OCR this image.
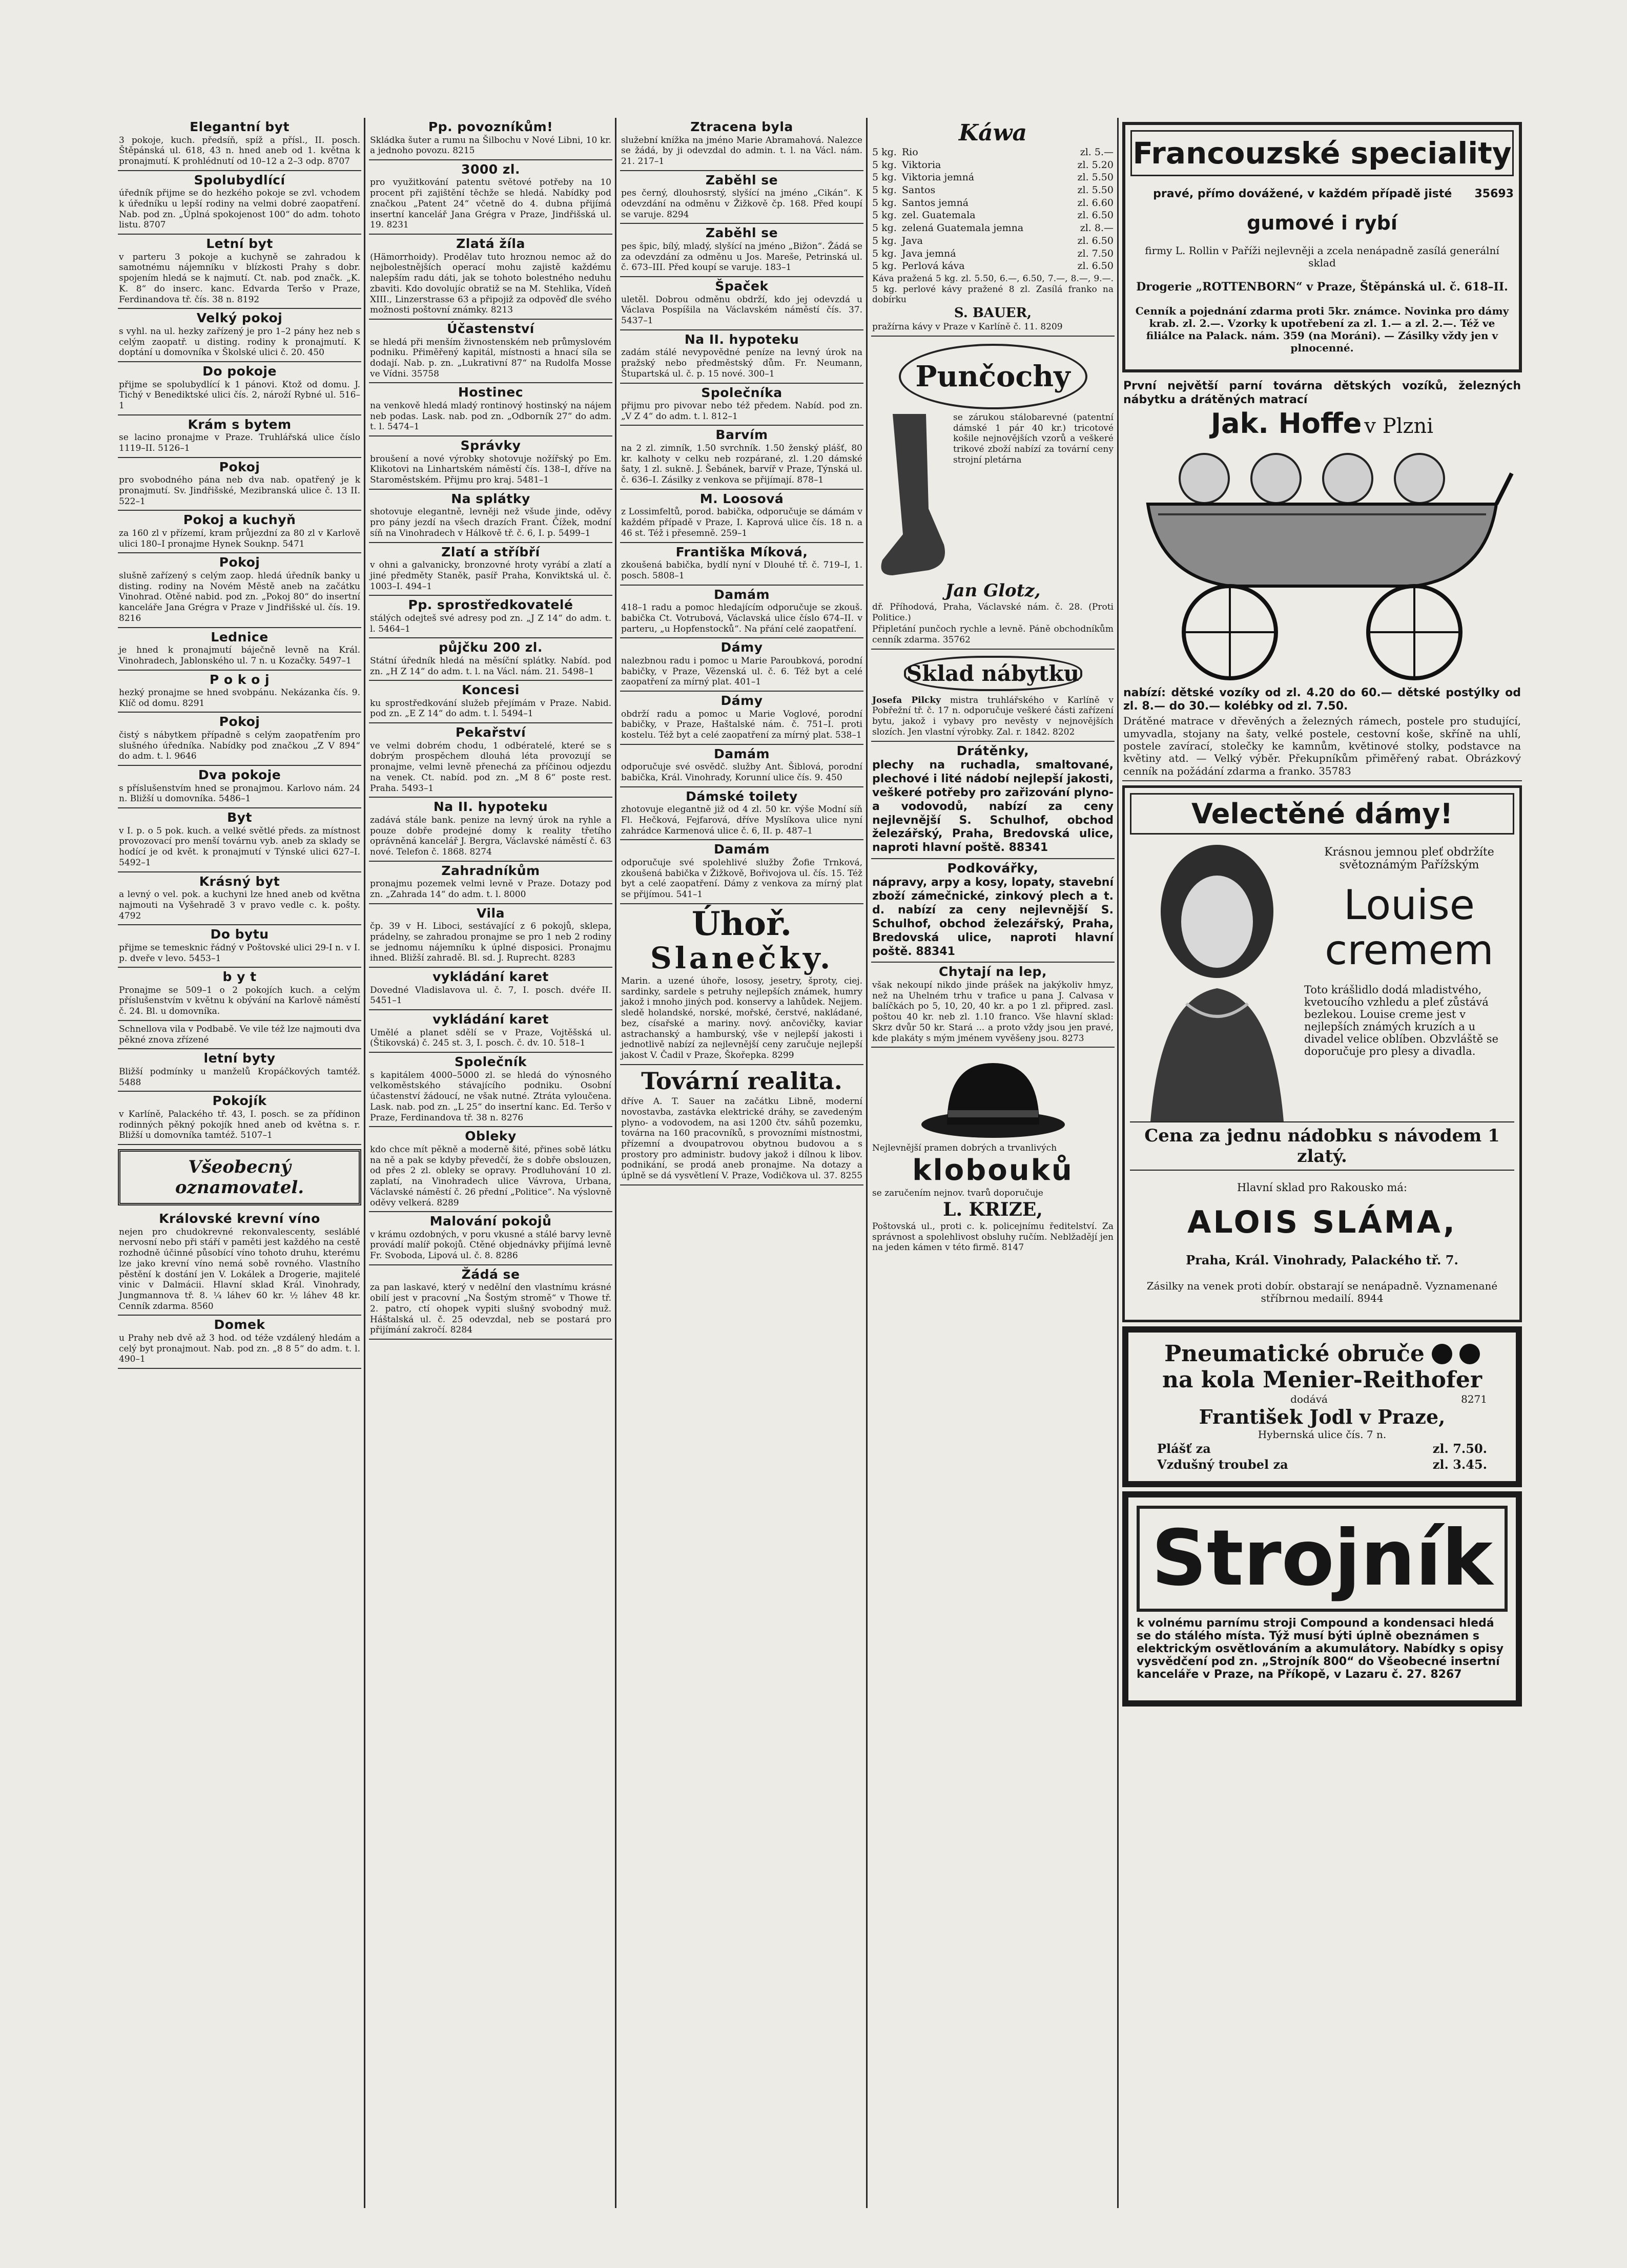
Elegantní byt

3 pokoje, kuch. předsíň, spíž a přísl., II. posch. Štěpánská ul. 618, 43 n. hned aneb od 1. května k pronajmutí. K prohlédnutí od 10–12 a 2–3 odp. 8707

Spolubydlící

úředník přijme se do hezkého pokoje se zvl. vchodem k úředníku u lepší rodiny na velmi dobré zaopatření. Nab. pod zn. „Úplná spokojenost 100“ do adm. tohoto listu. 8707

Letní byt

v parteru 3 pokoje a kuchyně se zahradou k samotnému nájemníku v blízkosti Prahy s dobr. spojením hledá se k najmutí. Ct. nab. pod značk. „K. K. 8“ do inserc. kanc. Edvarda Teršo v Praze, Ferdinandova tř. čís. 38 n. 8192

Velký pokoj

s vyhl. na ul. hezky zařízený je pro 1–2 pány hez neb s celým zaopatř. u disting. rodiny k pronajmutí. K doptání u domovníka v Školské ulici č. 20. 450

Do pokoje

přijme se spolubydlící k 1 pánovi. Ktož od domu. J. Tichý v Benediktské ulici čís. 2, nároží Rybné ul. 516–1

Krám s bytem

se lacino pronajme v Praze. Truhlářská ulice číslo 1119–II. 5126–1

Pokoj

pro svobodného pána neb dva nab. opatřený je k pronajmutí. Sv. Jindřišské, Mezibranská ulice č. 13 II. 522–1

Pokoj a kuchyň

za 160 zl v přízemí, kram průjezdní za 80 zl v Karlově ulici 180–I pronajme Hynek Souknp. 5471

Pokoj

slušně zařízený s celým zaop. hledá úředník banky u disting. rodiny na Novém Městě aneb na začátku Vinohrad. Otěné nabid. pod zn. „Pokoj 80“ do insertní kanceláře Jana Grégra v Praze v Jindřišské ul. čís. 19. 8216

Lednice

je hned k pronajmutí báječně levně na Král. Vinohradech, Jablonského ul. 7 n. u Kozačky. 5497–1

P o k o j

hezký pronajme se hned svobpánu. Nekázanka čís. 9. Klíč od domu. 8291

Pokoj

čistý s nábytkem případně s celým zaopatřením pro slušného úředníka. Nabídky pod značkou „Z V 894“ do adm. t. l. 9646

Dva pokoje

s příslušenstvím hned se pronajmou. Karlovo nám. 24 n. Bližší u domovníka. 5486–1

Byt

v I. p. o 5 pok. kuch. a velké světlé předs. za místnost provozovací pro menší továrnu vyb. aneb za sklady se hodící je od květ. k pronajmutí v Týnské ulici 627–I. 5492–1

Krásný byt

a levný o vel. pok. a kuchyni lze hned aneb od května najmouti na Vyšehradě 3 v pravo vedle c. k. pošty. 4792

Do bytu

přijme se temesknic řádný v Poštovské ulici 29-I n. v I. p. dveře v levo. 5453–1

b y t

Pronajme se 509–1 o 2 pokojích kuch. a celým příslušenstvím v květnu k obývání na Karlově náměstí č. 24. Bl. u domovníka.

Schnellova vila v Podbabě. Ve vile též lze najmouti dva pěkné znova zřízené

letní byty

Bližší podmínky u manželů Kropáčkových tamtéž. 5488

Pokojík

v Karlíně, Palackého tř. 43, I. posch. se za přídinon rodinných pěkný pokojík hned aneb od května s. r. Bližší u domovníka tamtéž. 5107–1

Všeobecný
oznamovatel.
Královské krevní víno

nejen pro chudokrevné rekonvalescenty, sesláblé nervosní nebo při stáří v paměti jest každého na cestě rozhodně účinné působící víno tohoto druhu, kterému lze jako krevní víno nemá sobě rovného. Vlastního pěstění k dostání jen V. Lokálek a Drogerie, majitelé vinic v Dalmácii. Hlavní sklad Král. Vinohrady, Jungmannova tř. 8. ¼ láhev 60 kr. ½ láhev 48 kr. Cenník zdarma. 8560

Domek

u Prahy neb dvě až 3 hod. od téže vzdálený hledám a celý byt pronajmout. Nab. pod zn. „8 8 5“ do adm. t. l. 490–1

Pp. povozníkům!

Skládka šuter a rumu na Šilbochu v Nové Libni, 10 kr. a jednoho povozu. 8215

3000 zl.

pro využitkování patentu světové potřeby na 10 procent při zajištění těchže se hledá. Nabídky pod značkou „Patent 24“ včetně do 4. dubna přijímá insertní kancelář Jana Grégra v Praze, Jindřišská ul. 19. 8231

Zlatá žíla

(Hämorrhoidy). Prodělav tuto hroznou nemoc až do nejbolestnějších operací mohu zajistě každému nalepším radu dáti, jak se tohoto bolestného neduhu zbaviti. Kdo dovolujíc obratiž se na M. Stehlika, Vídeň XIII., Linzerstrasse 63 a připojiž za odpověď dle svého možnosti poštovní známky. 8213

Účastenství

se hledá při menším živnostenském neb průmyslovém podniku. Přiměřený kapitál, místnosti a hnací síla se dodají. Nab. p. zn. „Lukrativní 87“ na Rudolfa Mosse ve Vídni. 35758

Hostinec

na venkově hledá mladý rontinový hostinský na nájem neb podas. Lask. nab. pod zn. „Odborník 27“ do adm. t. l. 5474–1

Správky

broušení a nové výrobky shotovuje nožířský po Em. Klikotovi na Linhartském náměstí čís. 138–I, dříve na Staroměstském. Přijmu pro kraj. 5481–1

Na splátky

shotovuje elegantně, levněji než všude jinde, oděvy pro pány jezdí na všech drazích Frant. Čížek, modní síň na Vinohradech v Hálkově tř. č. 6, I. p. 5499–1

Zlatí a stříbří

v ohni a galvanicky, bronzovné hroty vyrábí a zlatí a jiné předměty Staněk, pasíř Praha, Konviktská ul. č. 1003–I. 494–1

Pp. sprostředkovatelé

stálých odejteš své adresy pod zn. „J Z 14“ do adm. t. l. 5464–1

půjčku 200 zl.

Státní úředník hledá na měsíční splátky. Nabíd. pod zn. „H Z 14“ do adm. t. l. na Václ. nám. 21. 5498–1

Koncesi

ku sprostředkování služeb přejímám v Praze. Nabid. pod zn. „E Z 14“ do adm. t. l. 5494–1

Pekařství

ve velmi dobrém chodu, 1 odbératelé, které se s dobrým prospěchem dlouhá léta provozují se pronajme, velmi levně přenechá za příčinou odjezdu na venek. Ct. nabíd. pod zn. „M 8 6“ poste rest. Praha. 5493–1

Na II. hypoteku

zadává stále bank. penize na levný úrok na ryhle a pouze dobře prodejné domy k reality třetího oprávněná kancelář J. Bergra, Václavské náměstí č. 63 nové. Telefon č. 1868. 8274

Zahradníkům

pronajmu pozemek velmi levně v Praze. Dotazy pod zn. „Zahrada 14“ do adm. t. l. 8000

Vila

čp. 39 v H. Liboci, sestávající z 6 pokojů, sklepa, prádelny, se zahradou pronajme se pro 1 neb 2 rodiny se jednomu nájemníku k úplné disposici. Pronajmu ihned. Bližší zahradě. Bl. sd. J. Ruprecht. 8283

vykládání karet

Dovedné Vladislavova ul. č. 7, I. posch. dvéře II. 5451–1

vykládání karet

Umělé a planet sdělí se v Praze, Vojtěšská ul. (Štikovská) č. 245 st. 3, I. posch. č. dv. 10. 518–1

Společník

s kapitálem 4000–5000 zl. se hledá do výnosného velkoměstského stávajícího podniku. Osobní účastenství žádoucí, ne však nutné. Ztráta vyloučena. Lask. nab. pod zn. „L 25“ do insertní kanc. Ed. Teršo v Praze, Ferdinandova tř. 38 n. 8276

Obleky

kdo chce mít pěkně a moderně šité, přines sobě látku na ně a pak se kdyby převedčí, že s dobře obslouzen, od přes 2 zl. obleky se opravy. Prodluhování 10 zl. zaplatí, na Vinohradech ulice Vávrova, Urbana, Václavské náměstí č. 26 přední „Politice“. Na výslovně oděvy velkerá. 8289

Malování pokojů

v krámu ozdobných, v poru vkusné a stálé barvy levně provádí malíř pokojů. Ctěné objednávky přijímá levně Fr. Svoboda, Lipová ul. č. 8. 8286

Žádá se

za pan laskavé, který v nedělní den vlastnímu krásné obilí jest v pracovní „Na Šostým stromě“ v Thowe tř. 2. patro, ctí ohopek vypiti slušný svobodný muž. Háštalská ul. č. 25 odevzdal, neb se postará pro přijímání zakročí. 8284

Ztracena byla

služební knížka na jméno Marie Abramahová. Nalezce se žádá, by ji odevzdal do admin. t. l. na Václ. nám. 21. 217–1

Zaběhl se

pes černý, dlouhosrstý, slyšící na jméno „Cikán“. K odevzdání na odměnu v Žižkově čp. 168. Před koupí se varuje. 8294

Zaběhl se

pes špic, bílý, mladý, slyšící na jméno „Bižon“. Žádá se za odevzdání za odměnu u Jos. Mareše, Petrinská ul. č. 673–III. Před koupí se varuje. 183–1

Špaček

uletěl. Dobrou odměnu obdrží, kdo jej odevzdá u Václava Pospíšila na Václavském náměstí čís. 37. 5437–1

Na II. hypoteku

zadám stálé nevypovědné peníze na levný úrok na pražský nebo předměstský dům. Fr. Neumann, Štupartská ul. č. p. 15 nové. 300–1

Společníka

přijmu pro pivovar nebo též předem. Nabíd. pod zn. „V Z 4“ do adm. t. l. 812–1

Barvím

na 2 zl. zimník, 1.50 svrchník. 1.50 ženský plášť, 80 kr. kalhoty v celku neb rozpárané, zl. 1.20 dámské šaty, 1 zl. sukně. J. Šebánek, barvíř v Praze, Týnská ul. č. 636–I. Zásilky z venkova se přijímají. 878–1

M. Loosová

z Lossimfeltů, porod. babička, odporučuje se dámám v každém případě v Praze, I. Kaprová ulice čís. 18 n. a 46 st. Též i přesemně. 259–1

Františka Míková,

zkoušená babička, bydlí nyní v Dlouhé tř. č. 719–I, 1. posch. 5808–1

Damám

418–1 radu a pomoc hledajícím odporučuje se zkouš. babička Ct. Votrubová, Václavská ulice číslo 674–II. v parteru, „u Hopfenstocků“. Na přání celé zaopatření.

Dámy

nalezbnou radu i pomoc u Marie Paroubková, porodní babičky, v Praze, Vězenská ul. č. 6. Též byt a celé zaopatření za mírný plat. 401–1

Dámy

obdrží radu a pomoc u Marie Voglové, porodní babičky, v Praze, Haštalské nám. č. 751–I. proti kostelu. Též byt a celé zaopatření za mírný plat. 538–1

Damám

odporučuje své osvědč. služby Ant. Šiblová, porodní babička, Král. Vinohrady, Korunní ulice čís. 9. 450

Dámské toilety

zhotovuje elegantně již od 4 zl. 50 kr. výše Modní síň Fl. Hečková, Fejfarová, dříve Myslíkova ulice nyní zahrádce Karmenová ulice č. 6, II. p. 487–1

Damám

odporučuje své spolehlivé služby Žofie Trnková, zkoušená babička v Žižkově, Bořivojova ul. čís. 15. Též byt a celé zaopatření. Dámy z venkova za mírný plat se přijímou. 541–1

Úhoř.
Slanečky.

Marin. a uzené úhoře, lososy, jesetry, šproty, ciej. sardinky, sardele s petruhy nejlepších známek, humry jakož i mnoho jiných pod. konservy a lahůdek. Nejjem. sledě holandské, norské, mořské, čerstvé, nakládané, bez, císařské a mariny. nový. ančovičky, kaviar astrachanský a hamburský, vše v nejlepší jakosti i jednotlivě nabízí za nejlevnější ceny zaručuje nejlepší jakost V. Čadil v Praze, Škořepka. 8299

Tovární realita.

dříve A. T. Sauer na začátku Libně, moderní novostavba, zastávka elektrické dráhy, se zavedeným plyno- a vodovodem, na asi 1200 čtv. sáhů pozemku, továrna na 160 pracovníků, s provozními místnostmi, přízemní a dvoupatrovou obytnou budovou a s prostory pro administr. budovy jakož i dílnou k libov. podnikání, se prodá aneb pronajme. Na dotazy a úplně se dá vysvětlení V. Praze, Vodičkova ul. 37. 8255

Káwa
5 kg. Rio	zl. 5.—
5 kg. Viktoria	zl. 5.20
5 kg. Viktoria jemná	zl. 5.50
5 kg. Santos	zl. 5.50
5 kg. Santos jemná	zl. 6.60
5 kg. zel. Guatemala	zl. 6.50
5 kg. zelená Guatemala jemna	zl. 8.—
5 kg. Java	zl. 6.50
5 kg. Java jemná	zl. 7.50
5 kg. Perlová káva	zl. 6.50

Káva pražená 5 kg. zl. 5.50, 6.—, 6.50, 7.—, 8.—, 9.—. 5 kg. perlové kávy pražené 8 zl. Zasílá franko na dobírku

S. BAUER,

pražírna kávy v Praze v Karlíně č. 11. 8209

Punčochy

se zárukou stálobarevné (patentní dámské 1 pár 40 kr.) tricotové košile nejnovějších vzorů a veškeré trikové zboží nabízí za tovární ceny strojní pletárna

Jan Glotz,

dř. Příhodová, Praha, Václavské nám. č. 28. (Proti Politice.)

Připletání punčoch rychle a levně. Páně obchodníkům cenník zdarma. 35762

Sklad nábytku

Josefa Pilcky mistra truhlářského v Karlíně v Pobřežní tř. č. 17 n. odporučuje veškeré části zařízení bytu, jakož i vybavy pro nevěsty v nejnovějších slozích. Jen vlastní výrobky. Zal. r. 1842. 8202

Drátěnky,

plechy na ruchadla, smaltované, plechové i lité nádobí nejlepší jakosti, veškeré potřeby pro zařizování plyno- a vodovodů, nabízí za ceny nejlevnější S. Schulhof, obchod železářský, Praha, Bredovská ulice, naproti hlavní poště. 88341

Podkovářky,

nápravy, arpy a kosy, lopaty, stavební zboží zámečnické, zinkový plech a t. d. nabízí za ceny nejlevnější S. Schulhof, obchod železářský, Praha, Bredovská ulice, naproti hlavní poště. 88341

Chytají na lep,

však nekoupí nikdo jinde prášek na jakýkoliv hmyz, než na Uhelném trhu v trafice u pana J. Calvasa v balíčkách po 5, 10, 20, 40 kr. a po 1 zl. připred. zasl. poštou 40 kr. neb zl. 1.10 franco. Vše hlavní sklad: Skrz dvůr 50 kr. Stará ... a proto vždy jsou jen pravé, kde plakáty s mým jménem vyvěšeny jsou. 8273

Nejlevnější pramen dobrých a trvanlivých

klobouků

se zaručením nejnov. tvarů doporučuje

L. KRIZE,

Poštovská ul., proti c. k. policejnímu ředitelství. Za správnost a spolehlivost obsluhy ručím. Neblžadějí jen na jeden kámen v této firmě. 8147

Francouzské speciality

pravé, přímo dovážené, v každém případě jisté 35693

gumové i rybí

firmy L. Rollin v Paříži nejlevněji a zcela nenápadně zasílá generální sklad

Drogerie „ROTTENBORN“ v Praze, Štěpánská ul. č. 618–II.

Cenník a pojednání zdarma proti 5kr. známce. Novinka pro dámy krab. zl. 2.—. Vzorky k upotřebení za zl. 1.— a zl. 2.—. Též ve filiálce na Palack. nám. 359 (na Moráni). — Zásilky vždy jen v plnocenné.

První největší parní továrna dětských vozíků, železných nábytku a drátěných matrací

Jak. Hoffe v Plzni

nabízí: dětské vozíky od zl. 4.20 do 60.— dětské postýlky od zl. 8.— do 30.— kolébky od zl. 7.50.

Drátěné matrace v dřevěných a železných rámech, postele pro studující, umyvadla, stojany na šaty, velké postele, cestovní koše, skříně na uhlí, postele zavírací, stolečky ke kamnům, květinové stolky, podstavce na květiny atd. — Velký výběr. Překupníkům přiměřený rabat. Obrázkový cenník na požádání zdarma a franko. 35783

Velectěné dámy!

Krásnou jemnou pleť obdržíte světoznámým Pařížským

Louise
cremem

Toto krášlidlo dodá mladistvého, kvetoucího vzhledu a pleť zůstává bezlekou. Louise creme jest v nejlepších známých kruzích a u divadel velice oblíben. Obzvláště se doporučuje pro plesy a divadla.

Cena za jednu nádobku s návodem 1 zlatý.

Hlavní sklad pro Rakousko má:

ALOIS SLÁMA,

Praha, Král. Vinohrady, Palackého tř. 7.

Zásilky na venek proti dobír. obstarají se nenápadně. Vyznamenané stříbrnou medailí. 8944

Pneumatické obruče
na kola Menier-Reithofer
dodává	8271
František Jodl v Praze,
Hybernská ulice čís. 7 n.
Plášť za	zl. 7.50.
Vzdušný troubel za	zl. 3.45.
Strojník

k volnému parnímu stroji Compound a kondensaci hledá se do stálého místa. Týž musí býti úplně obeznámen s elektrickým osvětlováním a akumulátory. Nabídky s opisy vysvědčení pod zn. „Strojník 800“ do Všeobecné insertní kanceláře v Praze, na Příkopě, v Lazaru č. 27. 8267
